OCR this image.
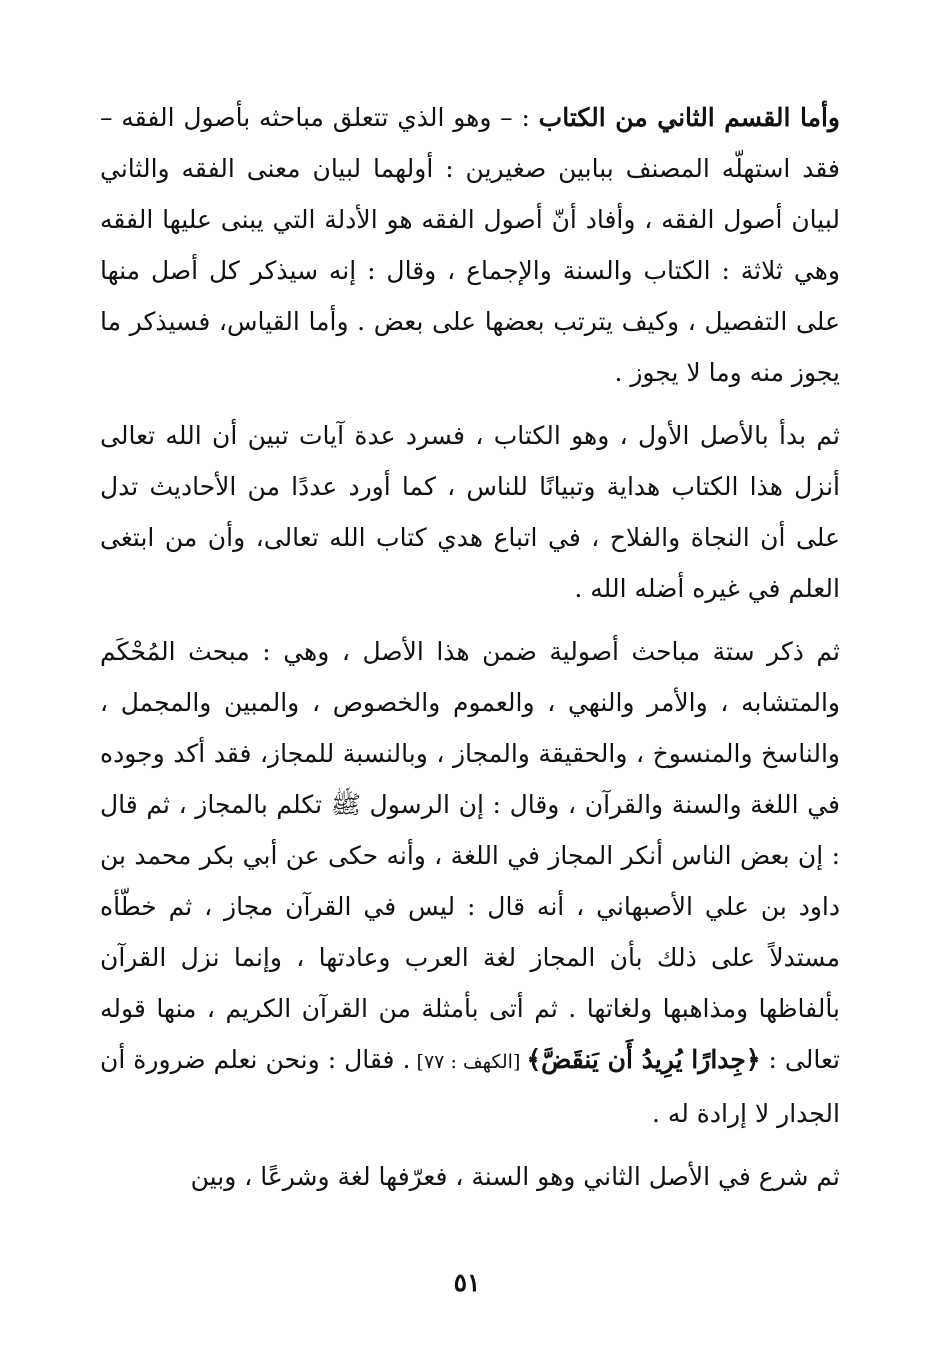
وأما القسم الثاني من الكتاب : – وهو الذي تتعلق مباحثه بأصول الفقه – فقد استهلّه المصنف ببابين صغيرين : أولهما لبيان معنى الفقه والثاني لبيان أصول الفقه ، وأفاد أنّ أصول الفقه هو الأدلة التي يبنى عليها الفقه وهي ثلاثة : الكتاب والسنة والإجماع ، وقال : إنه سيذكر كل أصل منها على التفصيل ، وكيف يترتب بعضها على بعض . وأما القياس، فسيذكر ما يجوز منه وما لا يجوز .

ثم بدأ بالأصل الأول ، وهو الكتاب ، فسرد عدة آيات تبين أن الله تعالى أنزل هذا الكتاب هداية وتبيانًا للناس ، كما أورد عددًا من الأحاديث تدل على أن النجاة والفلاح ، في اتباع هدي كتاب الله تعالى، وأن من ابتغى العلم في غيره أضله الله .

ثم ذكر ستة مباحث أصولية ضمن هذا الأصل ، وهي : مبحث المُحْكَم والمتشابه ، والأمر والنهي ، والعموم والخصوص ، والمبين والمجمل ، والناسخ والمنسوخ ، والحقيقة والمجاز ، وبالنسبة للمجاز، فقد أكد وجوده في اللغة والسنة والقرآن ، وقال : إن الرسول ﷺ تكلم بالمجاز ، ثم قال : إن بعض الناس أنكر المجاز في اللغة ، وأنه حكى عن أبي بكر محمد بن داود بن علي الأصبهاني ، أنه قال : ليس في القرآن مجاز ، ثم خطّأه مستدلاً على ذلك بأن المجاز لغة العرب وعادتها ، وإنما نزل القرآن بألفاظها ومذاهبها ولغاتها . ثم أتى بأمثلة من القرآن الكريم ، منها قوله تعالى : ﴿جِدارًا يُرِيدُ أَن يَنقَضَّ﴾ [الكهف : ٧٧] . فقال : ونحن نعلم ضرورة أن الجدار لا إرادة له .

ثم شرع في الأصل الثاني وهو السنة ، فعرّفها لغة وشرعًا ، وبين

٥١
